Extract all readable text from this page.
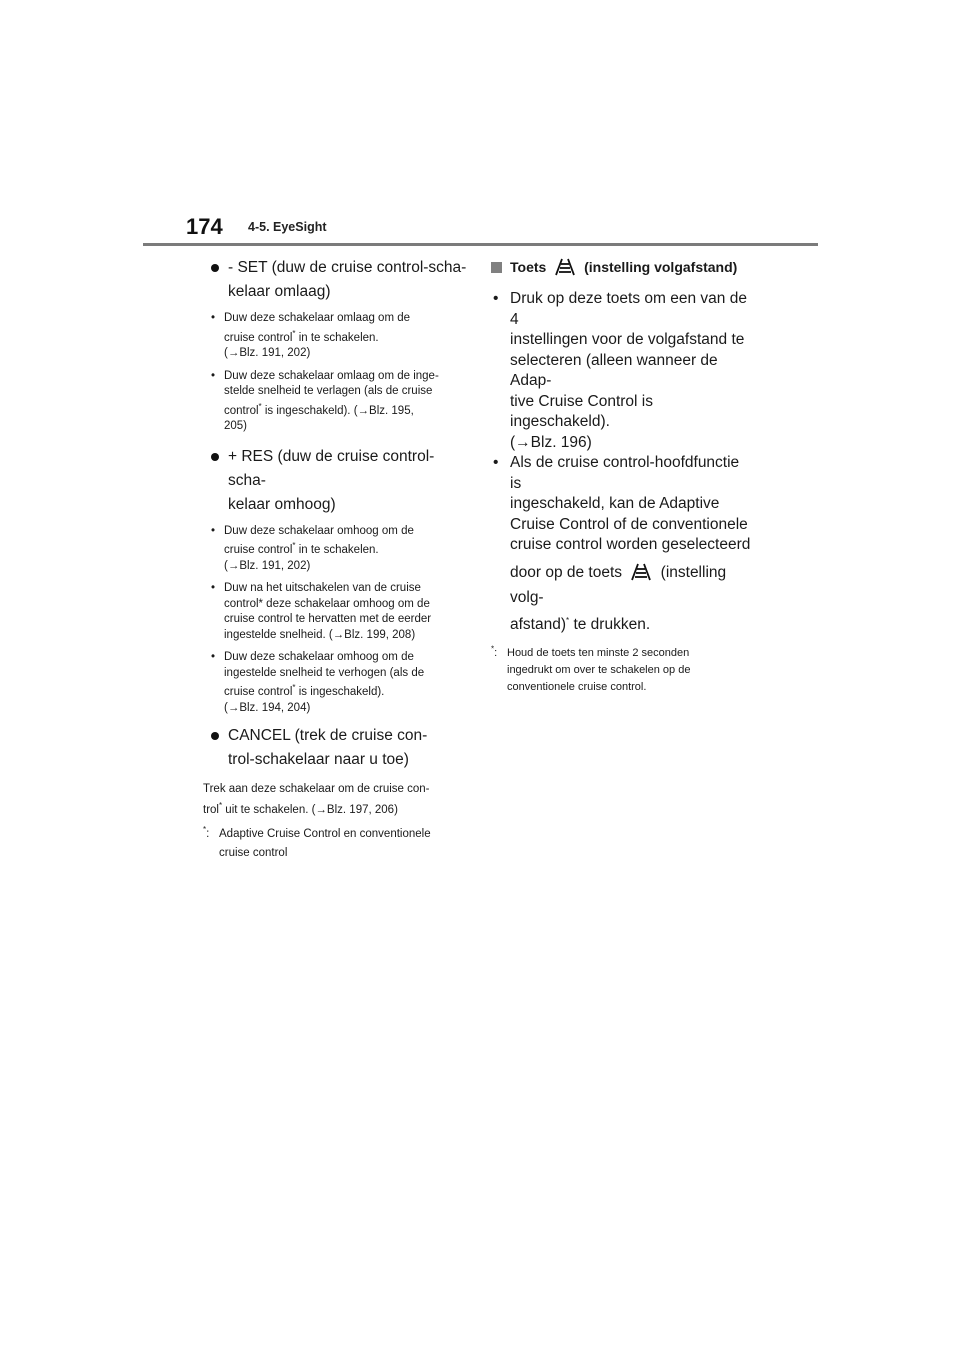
174 4-5. EyeSight
- SET (duw de cruise control-scha-
kelaar omlaag)
• Duw deze schakelaar omlaag om de
cruise control* in te schakelen.
(→Blz. 191, 202)
• Duw deze schakelaar omlaag om de inge-
stelde snelheid te verlagen (als de cruise
control* is ingeschakeld). (→Blz. 195,
205)
+ RES (duw de cruise control-scha-
kelaar omhoog)
• Duw deze schakelaar omhoog om de
cruise control* in te schakelen.
(→Blz. 191, 202)
• Duw na het uitschakelen van de cruise
control* deze schakelaar omhoog om de
cruise control te hervatten met de eerder
ingestelde snelheid. (→Blz. 199, 208)
• Duw deze schakelaar omhoog om de
ingestelde snelheid te verhogen (als de
cruise control* is ingeschakeld).
(→Blz. 194, 204)
CANCEL (trek de cruise con-
trol-schakelaar naar u toe)
Trek aan deze schakelaar om de cruise con-
trol* uit te schakelen. (→Blz. 197, 206)
*: Adaptive Cruise Control en conventionele
cruise control
Toets	(instelling volgafstand)
• Druk op deze toets om een van de 4
instellingen voor de volgafstand te
selecteren (alleen wanneer de Adap-
tive Cruise Control is ingeschakeld).
(→Blz. 196)
• Als de cruise control-hoofdfunctie is
ingeschakeld, kan de Adaptive
Cruise Control of de conventionele
cruise control worden geselecteerd
door op de toets (instelling volg-
afstand)* te drukken.
*: Houd de toets ten minste 2 seconden
ingedrukt om over te schakelen op de
conventionele cruise control.
